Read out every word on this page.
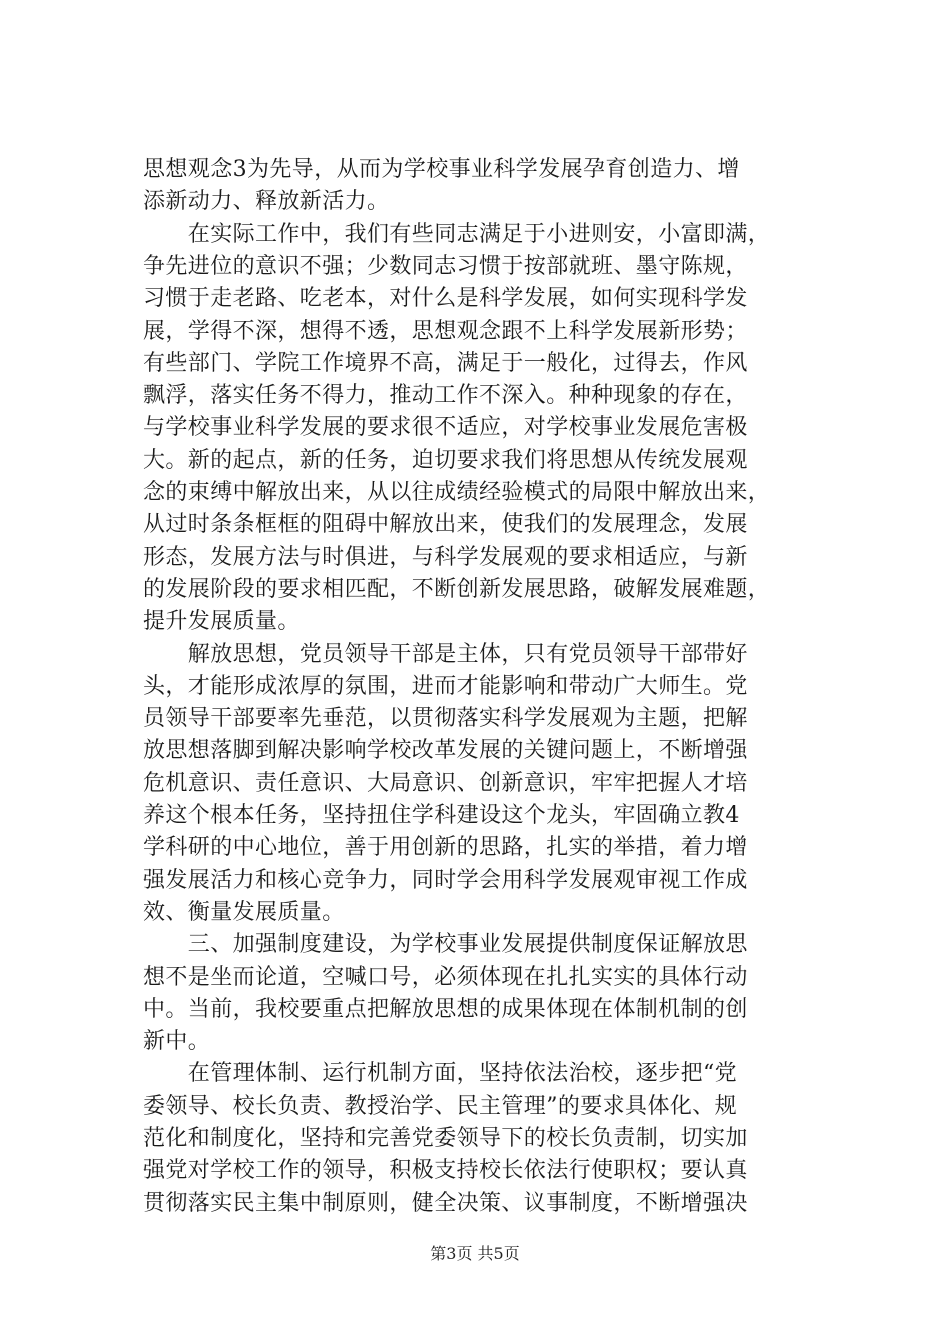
思想观念3为先导，从而为学校事业科学发展孕育创造力、增
添新动力、释放新活力。
　　在实际工作中，我们有些同志满足于小进则安，小富即满，
争先进位的意识不强；少数同志习惯于按部就班、墨守陈规，
习惯于走老路、吃老本，对什么是科学发展，如何实现科学发
展，学得不深，想得不透，思想观念跟不上科学发展新形势；
有些部门、学院工作境界不高，满足于一般化，过得去，作风
飘浮，落实任务不得力，推动工作不深入。种种现象的存在，
与学校事业科学发展的要求很不适应，对学校事业发展危害极
大。新的起点，新的任务，迫切要求我们将思想从传统发展观
念的束缚中解放出来，从以往成绩经验模式的局限中解放出来，
从过时条条框框的阻碍中解放出来，使我们的发展理念，发展
形态，发展方法与时俱进，与科学发展观的要求相适应，与新
的发展阶段的要求相匹配，不断创新发展思路，破解发展难题，
提升发展质量。
　　解放思想，党员领导干部是主体，只有党员领导干部带好
头，才能形成浓厚的氛围，进而才能影响和带动广大师生。党
员领导干部要率先垂范，以贯彻落实科学发展观为主题，把解
放思想落脚到解决影响学校改革发展的关键问题上，不断增强
危机意识、责任意识、大局意识、创新意识，牢牢把握人才培
养这个根本任务，坚持扭住学科建设这个龙头，牢固确立教4
学科研的中心地位，善于用创新的思路，扎实的举措，着力增
强发展活力和核心竞争力，同时学会用科学发展观审视工作成
效、衡量发展质量。
　　三、加强制度建设，为学校事业发展提供制度保证解放思
想不是坐而论道，空喊口号，必须体现在扎扎实实的具体行动
中。当前，我校要重点把解放思想的成果体现在体制机制的创
新中。
　　在管理体制、运行机制方面，坚持依法治校，逐步把“党
委领导、校长负责、教授治学、民主管理”的要求具体化、规
范化和制度化，坚持和完善党委领导下的校长负责制，切实加
强党对学校工作的领导，积极支持校长依法行使职权；要认真
贯彻落实民主集中制原则，健全决策、议事制度，不断增强决
第3页 共5页
